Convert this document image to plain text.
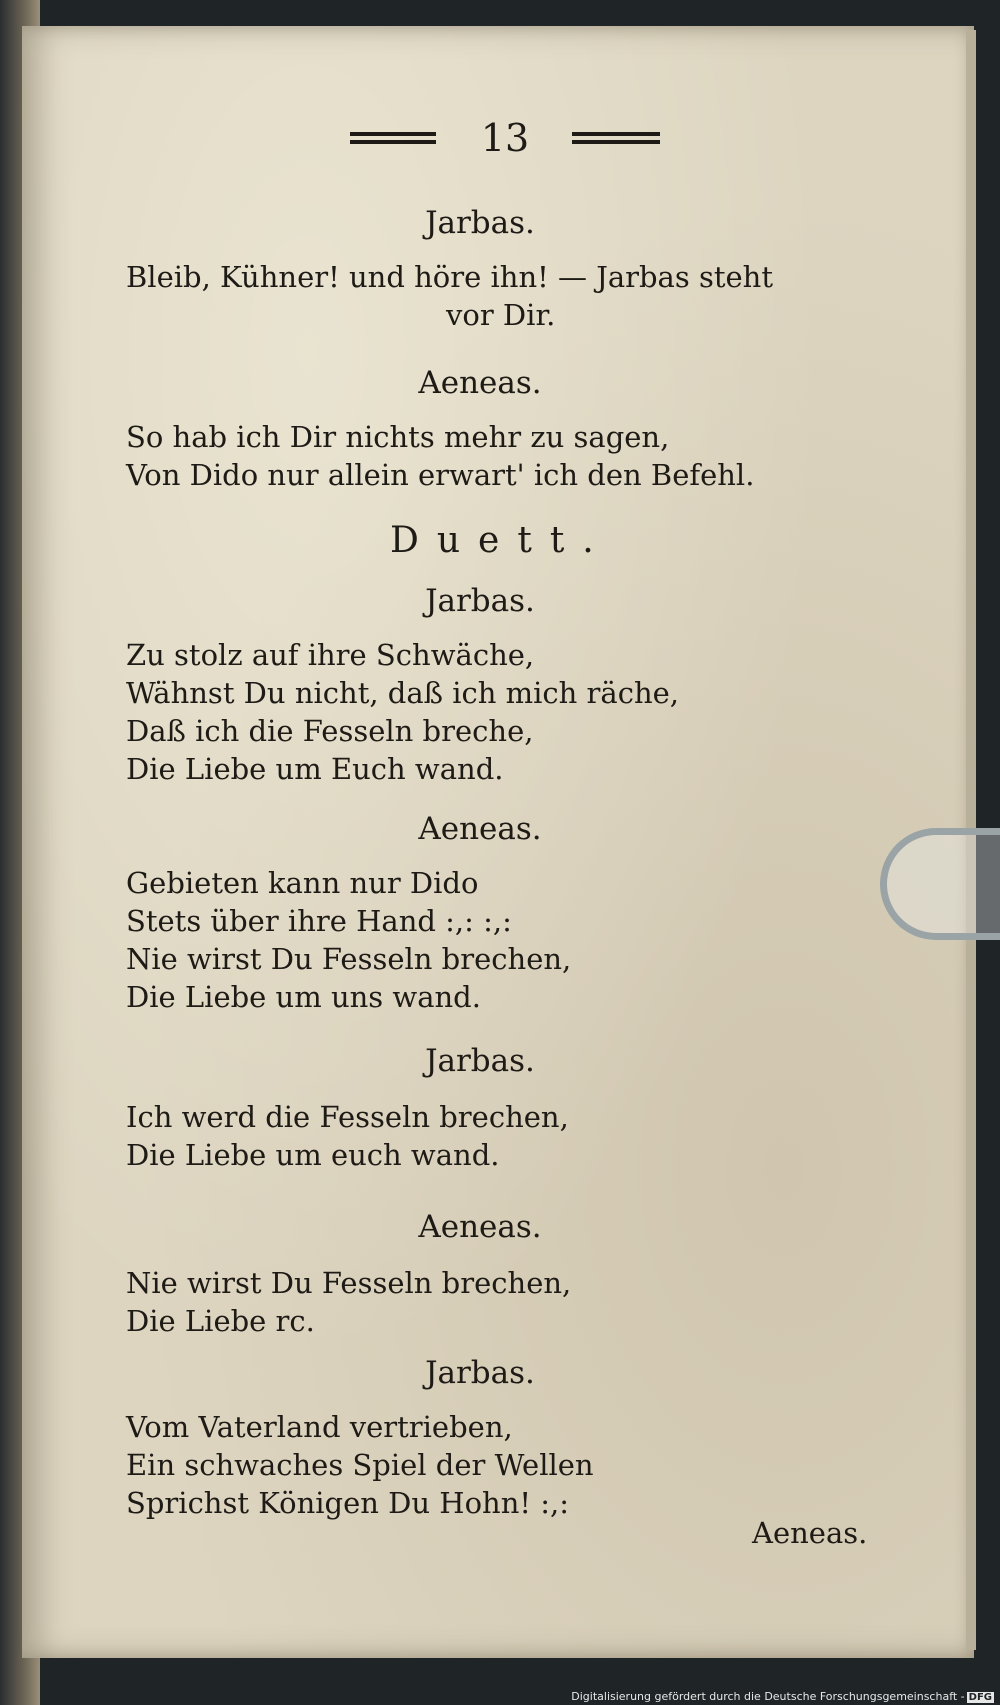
13
Jarbas.
Bleib, Kühner! und höre ihn! — Jarbas steht
vor Dir.
Aeneas.
So hab ich Dir nichts mehr zu sagen,
Von Dido nur allein erwart' ich den Befehl.
Duett.
Jarbas.
Zu stolz auf ihre Schwäche,
Wähnst Du nicht, daß ich mich räche,
Daß ich die Fesseln breche,
Die Liebe um Euch wand.
Aeneas.
Gebieten kann nur Dido
Stets über ihre Hand :,: :,:
Nie wirst Du Fesseln brechen,
Die Liebe um uns wand.
Jarbas.
Ich werd die Fesseln brechen,
Die Liebe um euch wand.
Aeneas.
Nie wirst Du Fesseln brechen,
Die Liebe rc.
Jarbas.
Vom Vaterland vertrieben,
Ein schwaches Spiel der Wellen
Sprichst Königen Du Hohn! :,:
Aeneas.
Digitalisierung gefördert durch die Deutsche Forschungsgemeinschaft - DFG
